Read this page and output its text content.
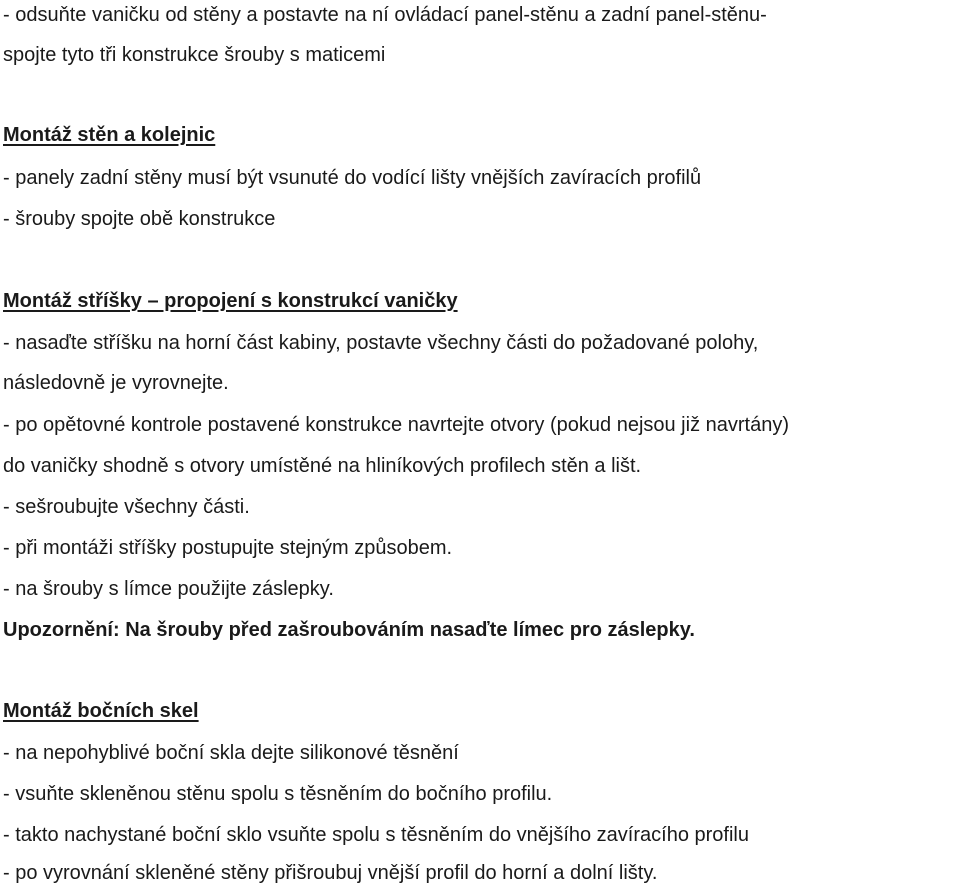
- odsuňte vaničku od stěny a postavte na ní ovládací panel-stěnu a zadní panel-stěnu-

spojte tyto tři konstrukce šrouby s maticemi

Montáž stěn a kolejnic

- panely zadní stěny musí být vsunuté do vodící lišty vnějších zavíracích profilů

- šrouby spojte obě konstrukce

Montáž stříšky – propojení s konstrukcí vaničky

- nasaďte stříšku na horní část kabiny, postavte všechny části do požadované polohy,

následovně je vyrovnejte.

- po opětovné kontrole postavené konstrukce navrtejte otvory (pokud nejsou již navrtány)

do vaničky shodně s otvory umístěné na hliníkových profilech stěn a lišt.

- sešroubujte všechny části.

- při montáži stříšky postupujte stejným způsobem.

- na šrouby s límce použijte záslepky.

Upozornění: Na šrouby před zašroubováním nasaďte límec pro záslepky.

Montáž bočních skel

- na nepohyblivé boční skla dejte silikonové těsnění

- vsuňte skleněnou stěnu spolu s těsněním do bočního profilu.

- takto nachystané boční sklo vsuňte spolu s těsněním do vnějšího zavíracího profilu

- po vyrovnání skleněné stěny přišroubuj vnější profil do horní a dolní lišty.
